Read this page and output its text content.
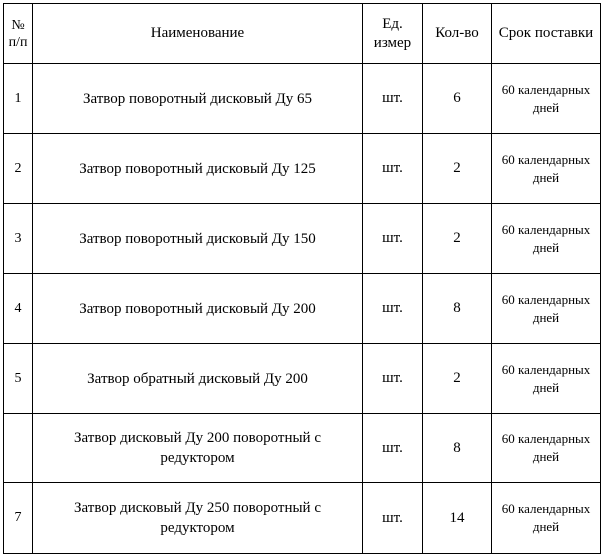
№ п/п	Наименование	Ед. измер	Кол-во	Срок поставки
1	Затвор поворотный дисковый Ду 65	шт.	6	60 календарных дней
2	Затвор поворотный дисковый Ду 125	шт.	2	60 календарных дней
3	Затвор поворотный дисковый Ду 150	шт.	2	60 календарных дней
4	Затвор поворотный дисковый Ду 200	шт.	8	60 календарных дней
5	Затвор обратный дисковый Ду 200	шт.	2	60 календарных дней
	Затвор дисковый Ду 200 поворотный с редуктором	шт.	8	60 календарных дней
7	Затвор дисковый Ду 250 поворотный с редуктором	шт.	14	60 календарных дней
